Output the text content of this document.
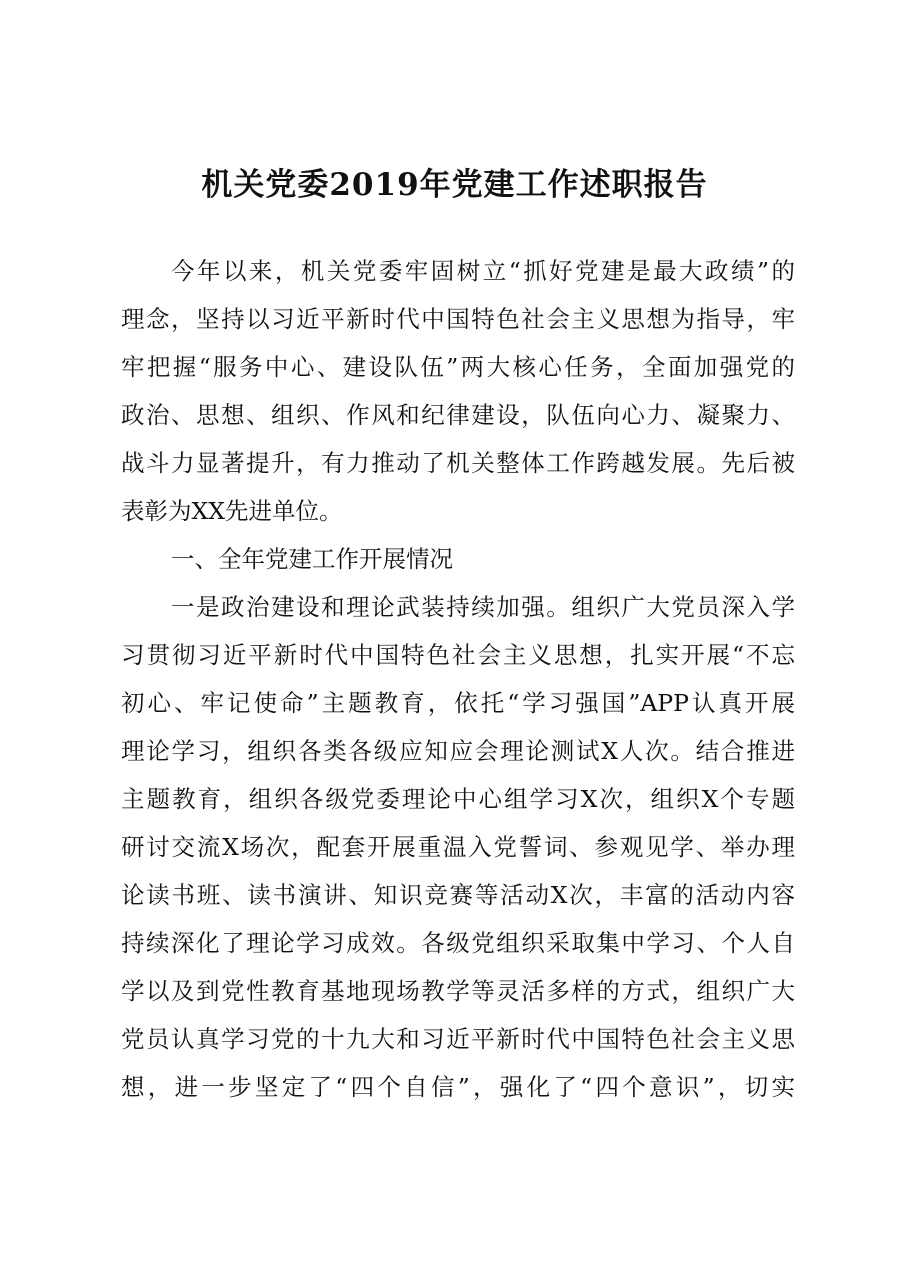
机关党委2019年党建工作述职报告
今年以来，机关党委牢固树立“抓好党建是最大政绩”的
理念，坚持以习近平新时代中国特色社会主义思想为指导，牢
牢把握“服务中心、建设队伍”两大核心任务，全面加强党的
政治、思想、组织、作风和纪律建设，队伍向心力、凝聚力、
战斗力显著提升，有力推动了机关整体工作跨越发展。先后被
表彰为XX先进单位。
一、全年党建工作开展情况
一是政治建设和理论武装持续加强。组织广大党员深入学
习贯彻习近平新时代中国特色社会主义思想，扎实开展“不忘
初心、牢记使命”主题教育，依托“学习强国”APP认真开展
理论学习，组织各类各级应知应会理论测试X人次。结合推进
主题教育，组织各级党委理论中心组学习X次，组织X个专题
研讨交流X场次，配套开展重温入党誓词、参观见学、举办理
论读书班、读书演讲、知识竞赛等活动X次，丰富的活动内容
持续深化了理论学习成效。各级党组织采取集中学习、个人自
学以及到党性教育基地现场教学等灵活多样的方式，组织广大
党员认真学习党的十九大和习近平新时代中国特色社会主义思
想，进一步坚定了“四个自信”，强化了“四个意识”，切实
